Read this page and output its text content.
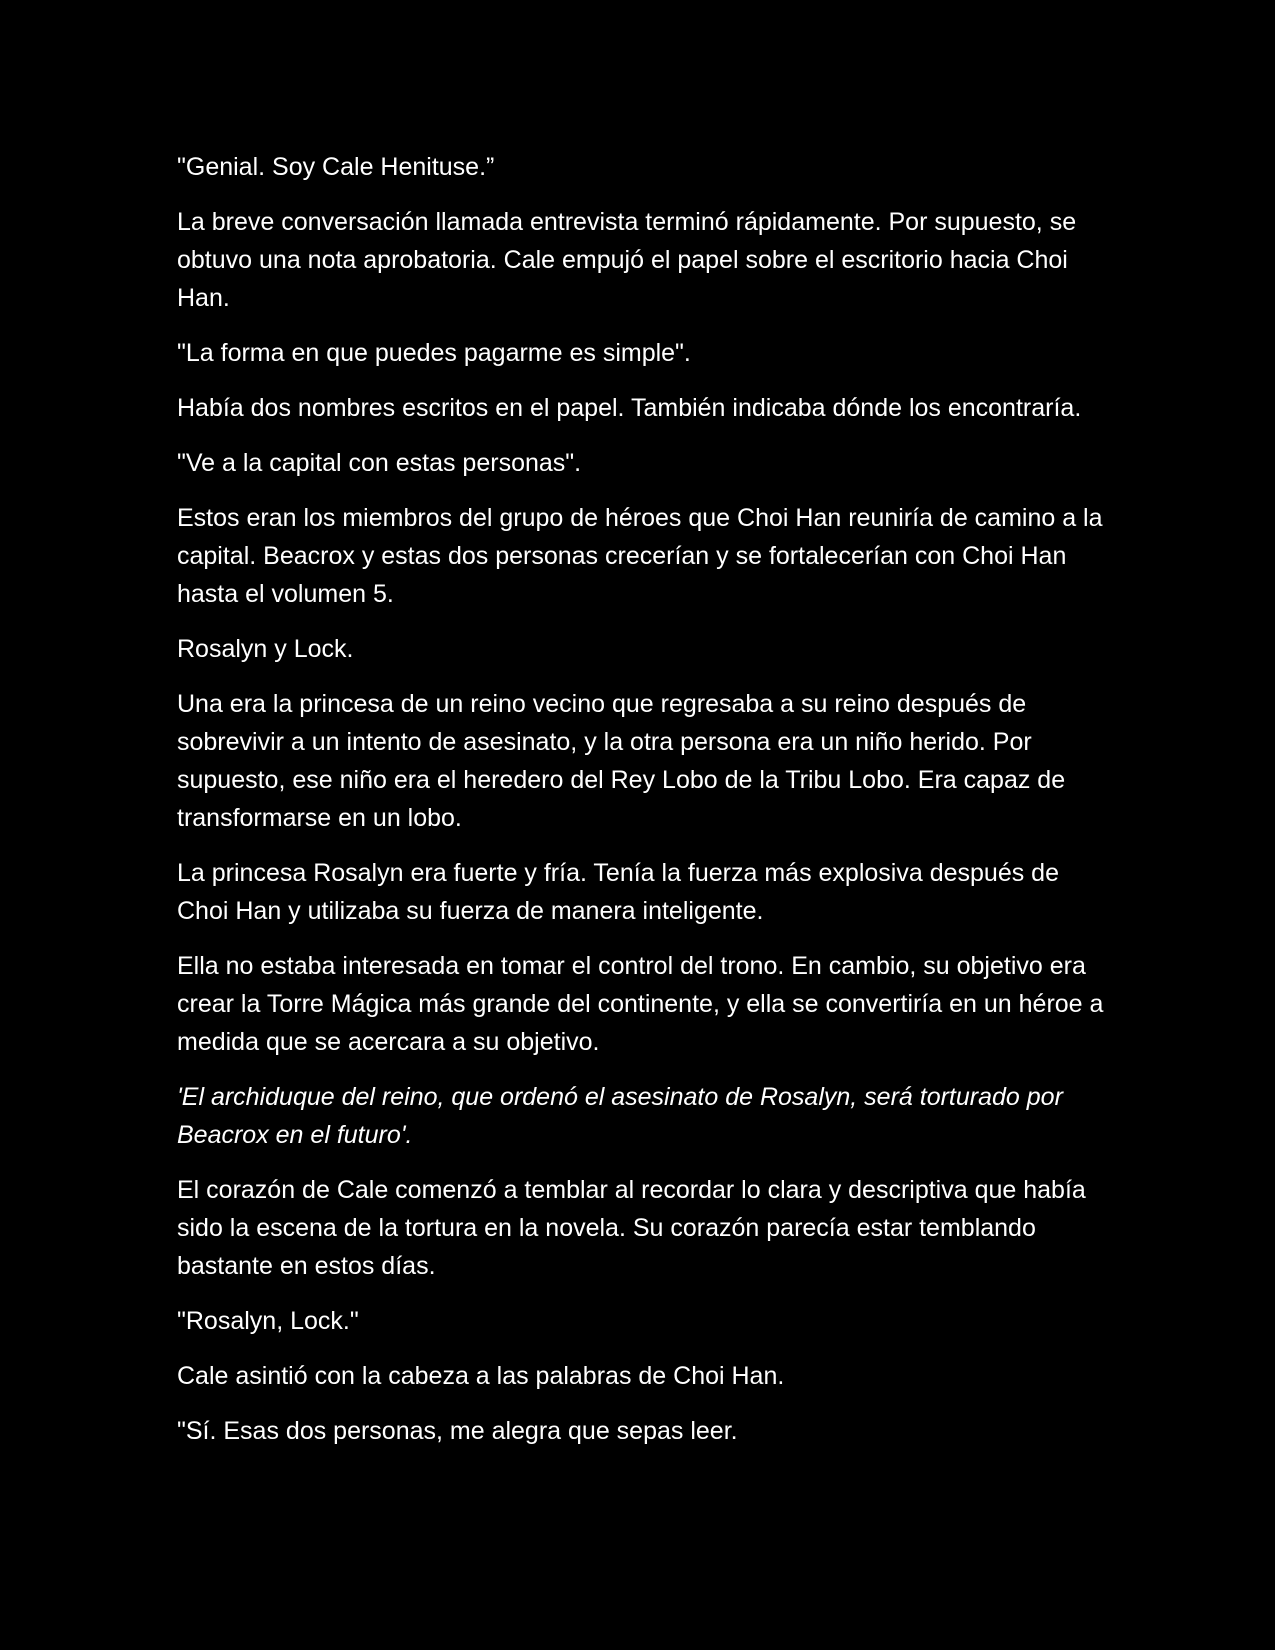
"Genial. Soy Cale Henituse.”

La breve conversación llamada entrevista terminó rápidamente. Por supuesto, se obtuvo una nota aprobatoria. Cale empujó el papel sobre el escritorio hacia Choi Han.

"La forma en que puedes pagarme es simple".

Había dos nombres escritos en el papel. También indicaba dónde los encontraría.

"Ve a la capital con estas personas".

Estos eran los miembros del grupo de héroes que Choi Han reuniría de camino a la capital. Beacrox y estas dos personas crecerían y se fortalecerían con Choi Han hasta el volumen 5.

Rosalyn y Lock.

Una era la princesa de un reino vecino que regresaba a su reino después de sobrevivir a un intento de asesinato, y la otra persona era un niño herido. Por supuesto, ese niño era el heredero del Rey Lobo de la Tribu Lobo. Era capaz de transformarse en un lobo.

La princesa Rosalyn era fuerte y fría. Tenía la fuerza más explosiva después de Choi Han y utilizaba su fuerza de manera inteligente.

Ella no estaba interesada en tomar el control del trono. En cambio, su objetivo era crear la Torre Mágica más grande del continente, y ella se convertiría en un héroe a medida que se acercara a su objetivo.

'El archiduque del reino, que ordenó el asesinato de Rosalyn, será torturado por Beacrox en el futuro'.

El corazón de Cale comenzó a temblar al recordar lo clara y descriptiva que había sido la escena de la tortura en la novela. Su corazón parecía estar temblando bastante en estos días.

"Rosalyn, Lock."

Cale asintió con la cabeza a las palabras de Choi Han.

"Sí. Esas dos personas, me alegra que sepas leer.
